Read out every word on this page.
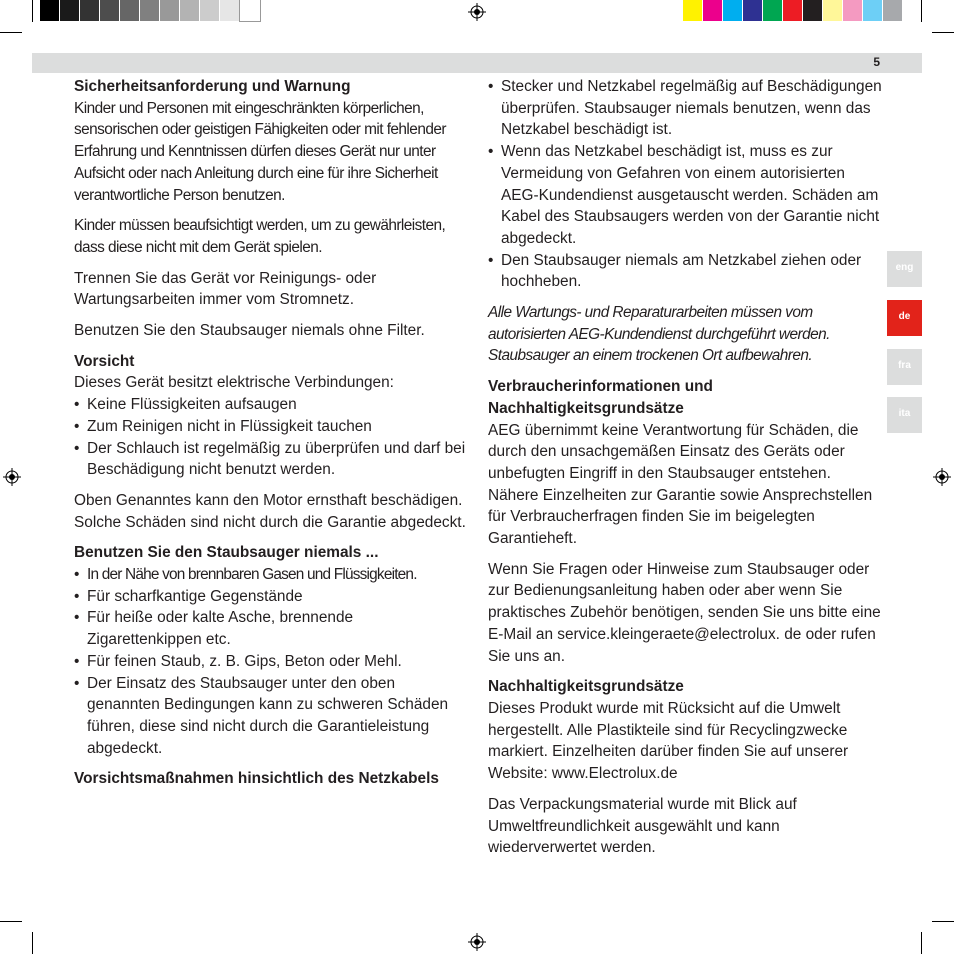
5
eng
de
fra
ita

Sicherheitsanforderung und Warnung

Kinder und Personen mit eingeschränkten körperlichen, sensorischen oder geistigen Fähigkeiten oder mit fehlender Erfahrung und Kenntnissen dürfen dieses Gerät nur unter Aufsicht oder nach Anleitung durch eine für ihre Sicherheit verantwortliche Person benutzen.

Kinder müssen beaufsichtigt werden, um zu gewährleisten, dass diese nicht mit dem Gerät spielen.

Trennen Sie das Gerät vor Reinigungs- oder Wartungsarbeiten immer vom Stromnetz.

Benutzen Sie den Staubsauger niemals ohne Filter.

Vorsicht

Dieses Gerät besitzt elektrische Verbindungen:

• Keine Flüssigkeiten aufsaugen
• Zum Reinigen nicht in Flüssigkeit tauchen
• Der Schlauch ist regelmäßig zu überprüfen und darf bei Beschädigung nicht benutzt werden.

Oben Genanntes kann den Motor ernsthaft beschädigen. Solche Schäden sind nicht durch die Garantie abgedeckt.

Benutzen Sie den Staubsauger niemals ...

• In der Nähe von brennbaren Gasen und Flüssigkeiten.
• Für scharfkantige Gegenstände
• Für heiße oder kalte Asche, brennende Zigarettenkippen etc.
• Für feinen Staub, z. B. Gips, Beton oder Mehl.
• Der Einsatz des Staubsauger unter den oben genannten Bedingungen kann zu schweren Schäden führen, diese sind nicht durch die Garantieleistung abgedeckt.

Vorsichtsmaßnahmen hinsichtlich des Netzkabels

• Stecker und Netzkabel regelmäßig auf Beschädigungen überprüfen. Staubsauger niemals benutzen, wenn das Netzkabel beschädigt ist.
• Wenn das Netzkabel beschädigt ist, muss es zur Vermeidung von Gefahren von einem autorisierten AEG-Kundendienst ausgetauscht werden. Schäden am Kabel des Staubsaugers werden von der Garantie nicht abgedeckt.
• Den Staubsauger niemals am Netzkabel ziehen oder hochheben.

Alle Wartungs- und Reparaturarbeiten müssen vom autorisierten AEG-Kundendienst durchgeführt werden. Staubsauger an einem trockenen Ort aufbewahren.

Verbraucherinformationen und Nachhaltigkeitsgrundsätze

AEG übernimmt keine Verantwortung für Schäden, die durch den unsachgemäßen Einsatz des Geräts oder unbefugten Eingriff in den Staubsauger entstehen. Nähere Einzelheiten zur Garantie sowie Ansprechstellen für Verbraucherfragen finden Sie im beigelegten Garantieheft.

Wenn Sie Fragen oder Hinweise zum Staubsauger oder zur Bedienungsanleitung haben oder aber wenn Sie praktisches Zubehör benötigen, senden Sie uns bitte eine E-Mail an service.kleingeraete@electrolux. de oder rufen Sie uns an.

Nachhaltigkeitsgrundsätze

Dieses Produkt wurde mit Rücksicht auf die Umwelt hergestellt. Alle Plastikteile sind für Recyclingzwecke markiert. Einzelheiten darüber finden Sie auf unserer Website: www.Electrolux.de

Das Verpackungsmaterial wurde mit Blick auf Umweltfreundlichkeit ausgewählt und kann wiederverwertet werden.
